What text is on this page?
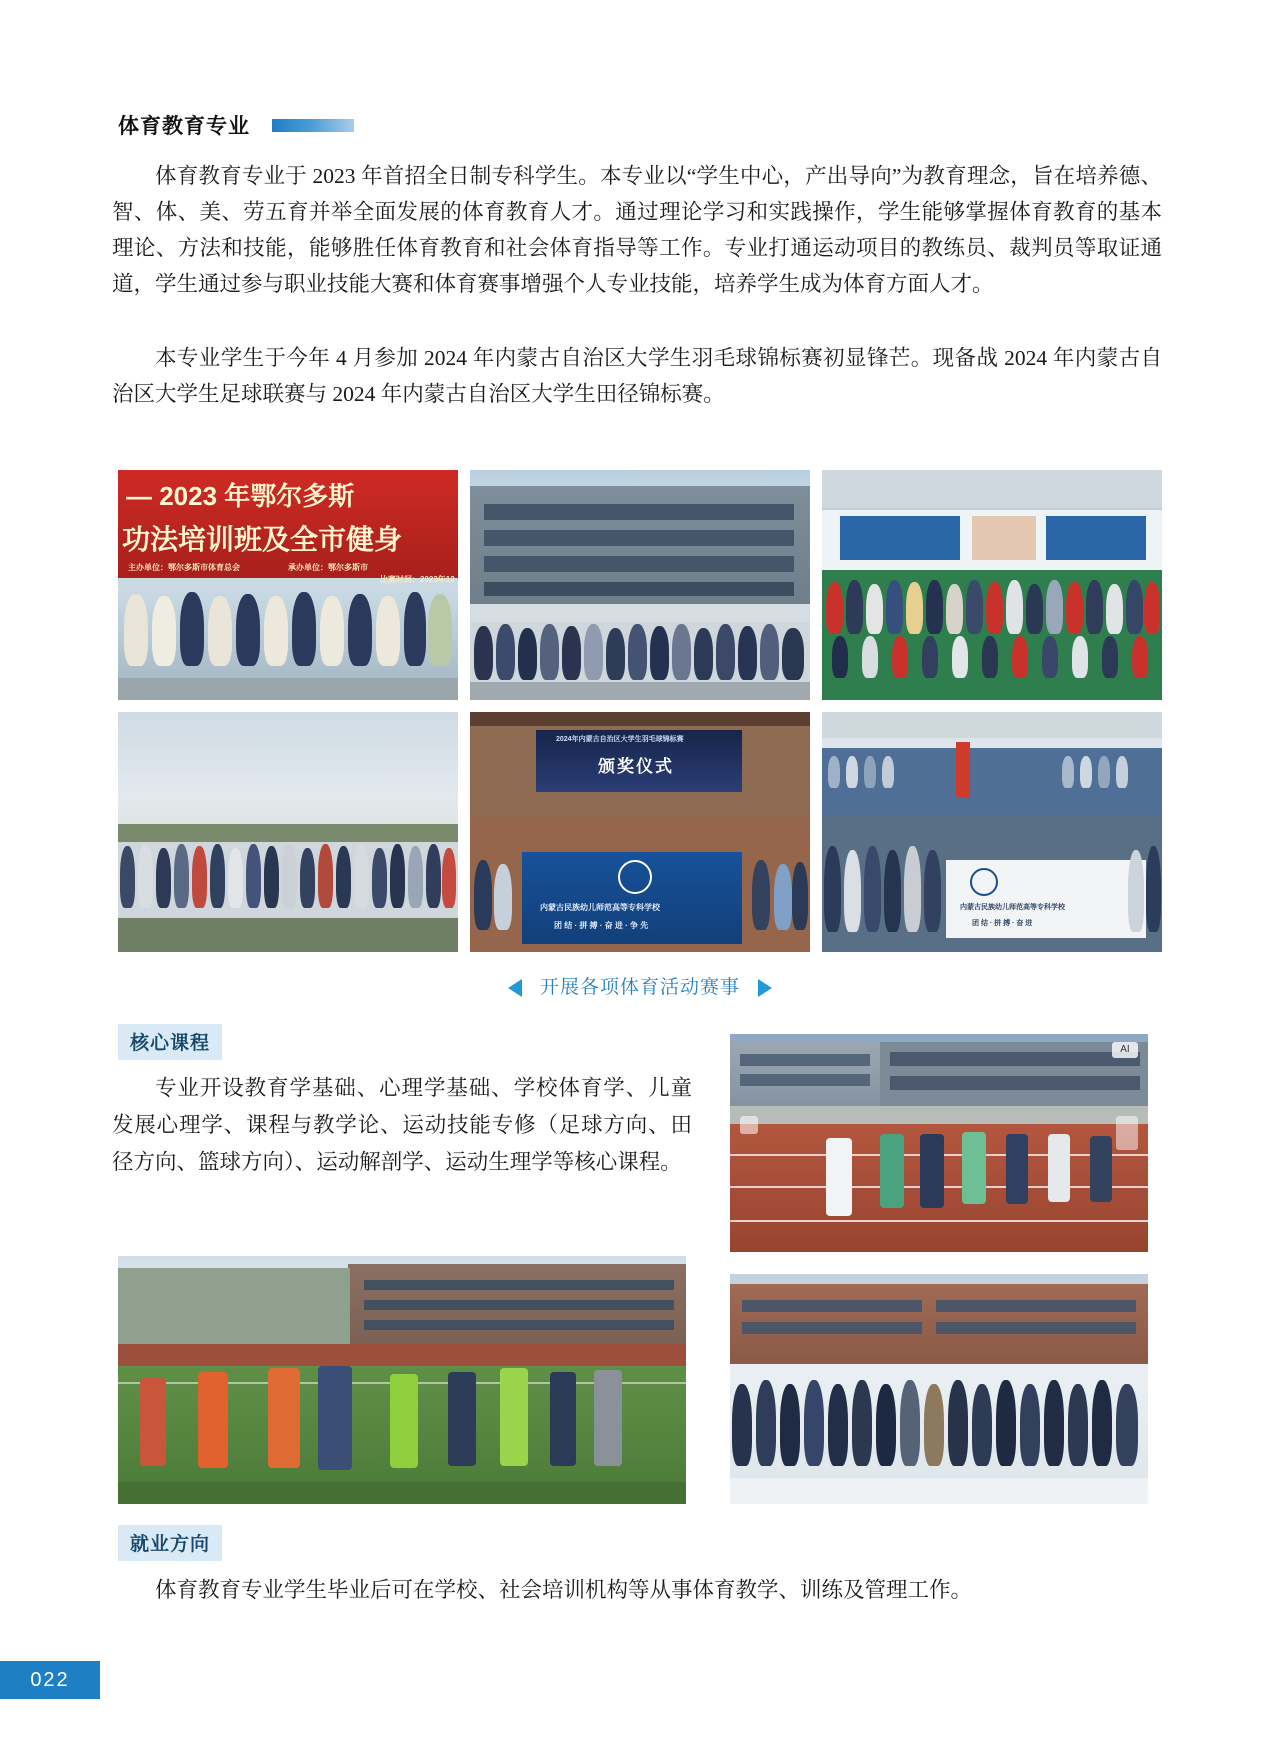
体育教育专业
体育教育专业于 2023 年首招全日制专科学生。本专业以“学生中心，产出导向”为教育理念，旨在培养德、智、体、美、劳五育并举全面发展的体育教育人才。通过理论学习和实践操作，学生能够掌握体育教育的基本理论、方法和技能，能够胜任体育教育和社会体育指导等工作。专业打通运动项目的教练员、裁判员等取证通道，学生通过参与职业技能大赛和体育赛事增强个人专业技能，培养学生成为体育方面人才。
本专业学生于今年 4 月参加 2024 年内蒙古自治区大学生羽毛球锦标赛初显锋芒。现备战 2024 年内蒙古自治区大学生足球联赛与 2024 年内蒙古自治区大学生田径锦标赛。
— 2023 年鄂尔多斯
功法培训班及全市健身
主办单位：鄂尔多斯市体育总会	承办单位：鄂尔多斯市
比赛时间：2023年12
2024年内蒙古自治区大学生羽毛球锦标赛
颁奖仪式
内蒙古民族幼儿师范高等专科学校
团 结 · 拼 搏 · 奋 进 · 争 先
内蒙古民族幼儿师范高等专科学校
团 结 · 拼 搏 · 奋 进
开展各项体育活动赛事
核心课程
专业开设教育学基础、心理学基础、学校体育学、儿童发展心理学、课程与教学论、运动技能专修（足球方向、田径方向、篮球方向）、运动解剖学、运动生理学等核心课程。
AI
就业方向
体育教育专业学生毕业后可在学校、社会培训机构等从事体育教学、训练及管理工作。
022
